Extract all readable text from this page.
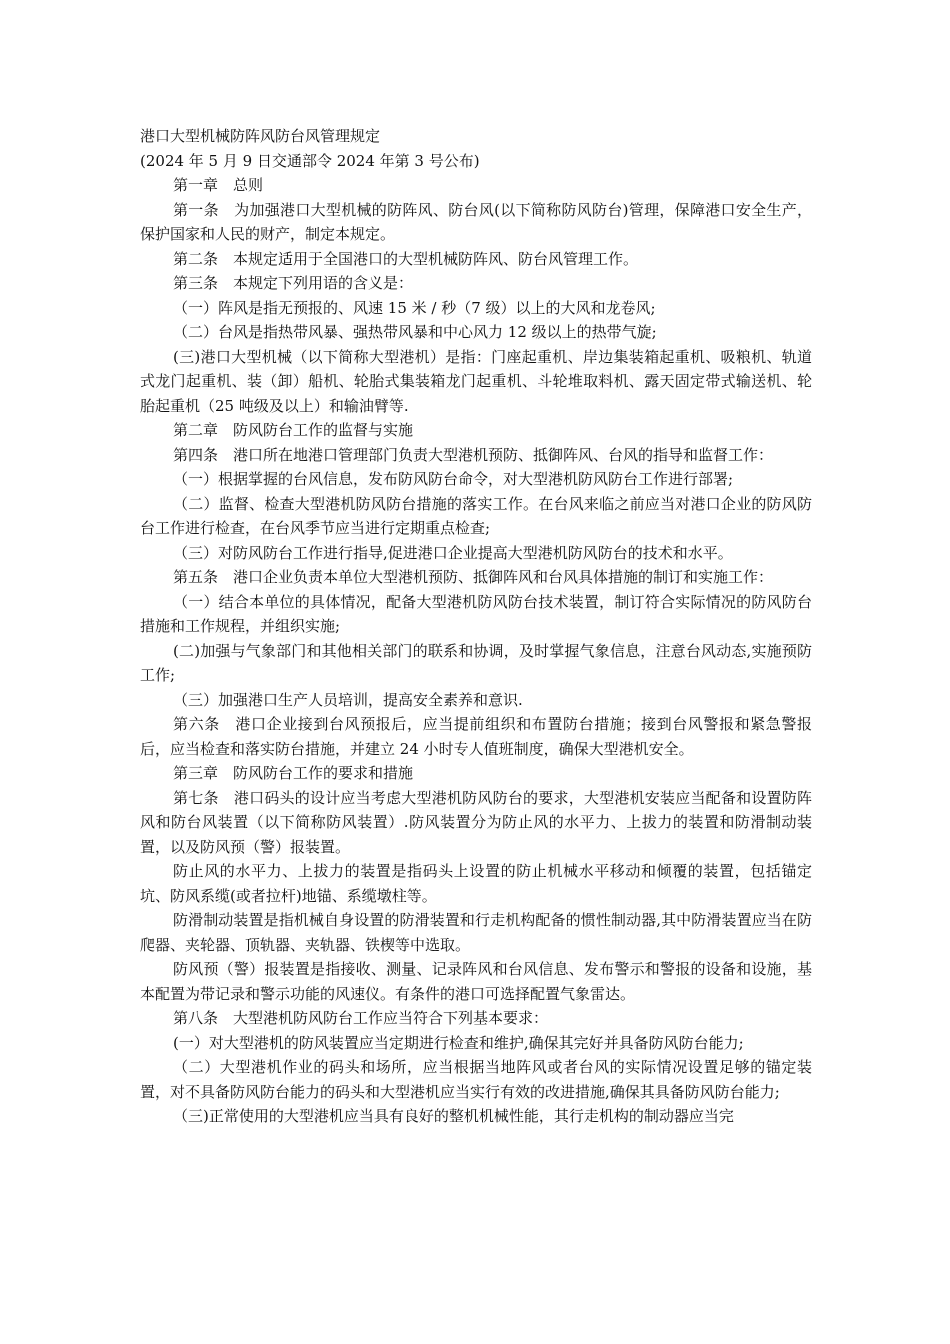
港口大型机械防阵风防台风管理规定

(2024 年 5 月 9 日交通部令 2024 年第 3 号公布)

第一章　总则

第一条　为加强港口大型机械的防阵风、防台风(以下简称防风防台)管理，保障港口安全生产，保护国家和人民的财产，制定本规定。

第二条　本规定适用于全国港口的大型机械防阵风、防台风管理工作。

第三条　本规定下列用语的含义是：

（一）阵风是指无预报的、风速 15 米 / 秒（7 级）以上的大风和龙卷风;

（二）台风是指热带风暴、强热带风暴和中心风力 12 级以上的热带气旋;

(三)港口大型机械（以下简称大型港机）是指：门座起重机、岸边集装箱起重机、吸粮机、轨道式龙门起重机、装（卸）船机、轮胎式集装箱龙门起重机、斗轮堆取料机、露天固定带式输送机、轮胎起重机（25 吨级及以上）和输油臂等.

第二章　防风防台工作的监督与实施

第四条　港口所在地港口管理部门负责大型港机预防、抵御阵风、台风的指导和监督工作：

（一）根据掌握的台风信息，发布防风防台命令，对大型港机防风防台工作进行部署;

（二）监督、检查大型港机防风防台措施的落实工作。在台风来临之前应当对港口企业的防风防台工作进行检查，在台风季节应当进行定期重点检查;

（三）对防风防台工作进行指导,促进港口企业提高大型港机防风防台的技术和水平。

第五条　港口企业负责本单位大型港机预防、抵御阵风和台风具体措施的制订和实施工作：

（一）结合本单位的具体情况，配备大型港机防风防台技术装置，制订符合实际情况的防风防台措施和工作规程，并组织实施;

(二)加强与气象部门和其他相关部门的联系和协调，及时掌握气象信息，注意台风动态,实施预防工作;

（三）加强港口生产人员培训，提高安全素养和意识.

第六条　港口企业接到台风预报后，应当提前组织和布置防台措施；接到台风警报和紧急警报后，应当检查和落实防台措施，并建立 24 小时专人值班制度，确保大型港机安全。

第三章　防风防台工作的要求和措施

第七条　港口码头的设计应当考虑大型港机防风防台的要求，大型港机安装应当配备和设置防阵风和防台风装置（以下简称防风装置）.防风装置分为防止风的水平力、上拔力的装置和防滑制动装置，以及防风预（警）报装置。

防止风的水平力、上拔力的装置是指码头上设置的防止机械水平移动和倾覆的装置，包括锚定坑、防风系缆(或者拉杆)地锚、系缆墩柱等。

防滑制动装置是指机械自身设置的防滑装置和行走机构配备的惯性制动器,其中防滑装置应当在防爬器、夹轮器、顶轨器、夹轨器、铁楔等中选取。

防风预（警）报装置是指接收、测量、记录阵风和台风信息、发布警示和警报的设备和设施，基本配置为带记录和警示功能的风速仪。有条件的港口可选择配置气象雷达。

第八条　大型港机防风防台工作应当符合下列基本要求：

(一）对大型港机的防风装置应当定期进行检查和维护,确保其完好并具备防风防台能力;

（二）大型港机作业的码头和场所，应当根据当地阵风或者台风的实际情况设置足够的锚定装置，对不具备防风防台能力的码头和大型港机应当实行有效的改进措施,确保其具备防风防台能力;

（三)正常使用的大型港机应当具有良好的整机机械性能，其行走机构的制动器应当完
